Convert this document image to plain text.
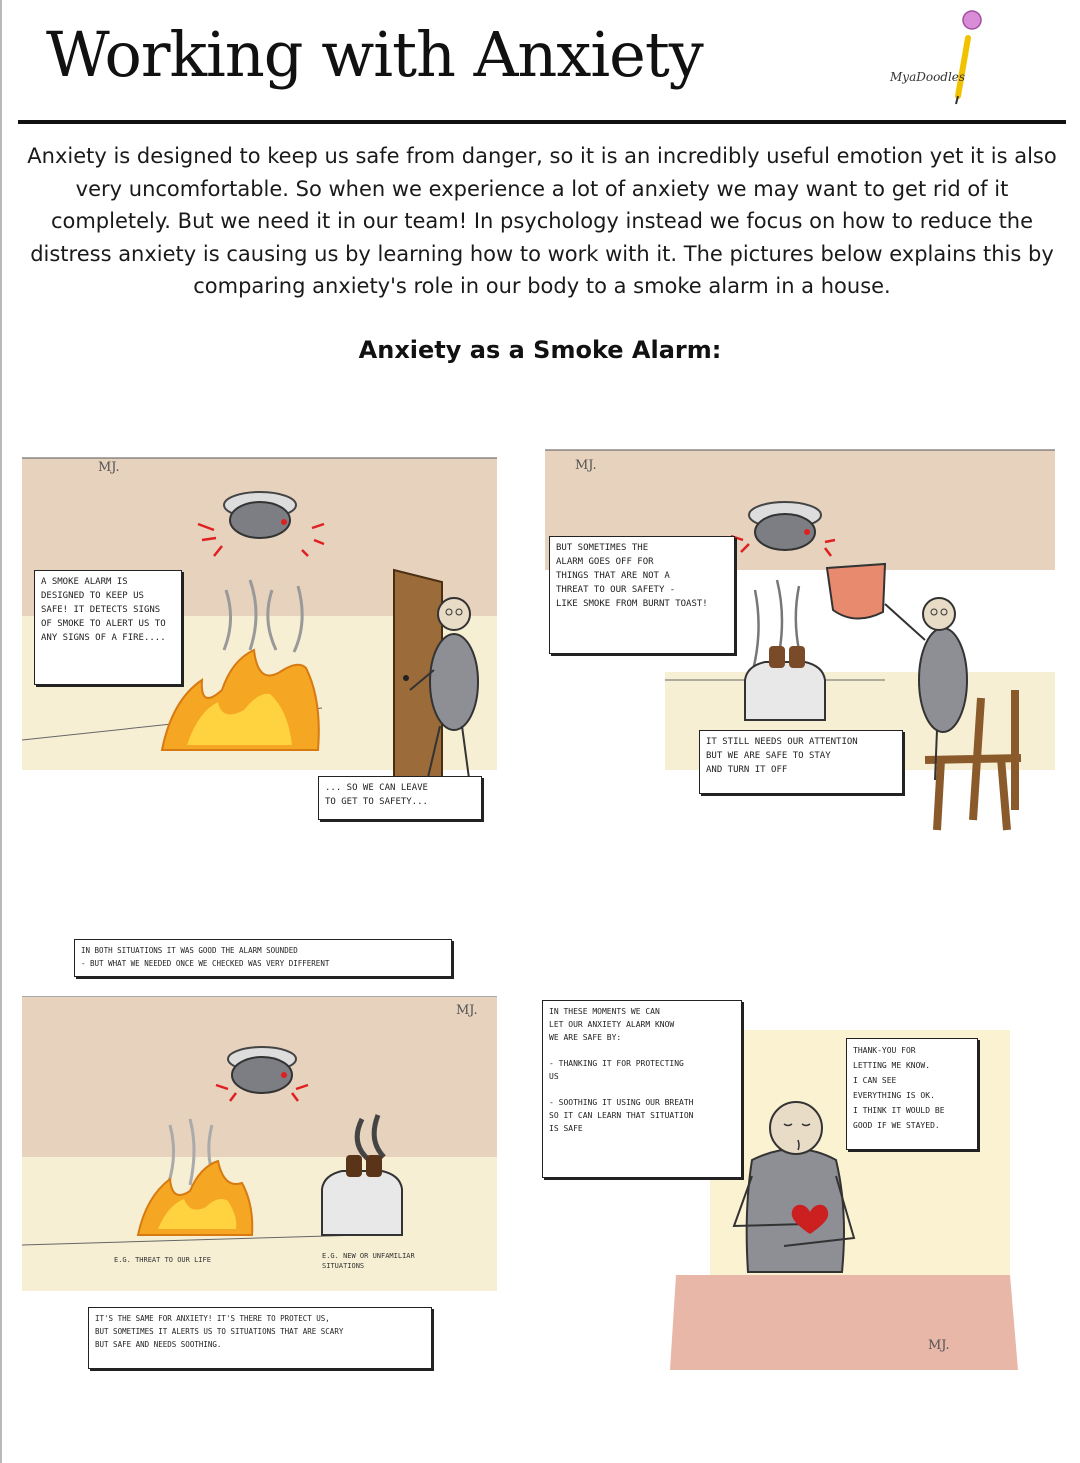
Working with Anxiety	MyaDoodles

Anxiety is designed to keep us safe from danger, so it is an incredibly useful emotion yet it is also very uncomfortable. So when we experience a lot of anxiety we may want to get rid of it completely. But we need it in our team! In psychology instead we focus on how to reduce the distress anxiety is causing us by learning how to work with it. The pictures below explains this by comparing anxiety's role in our body to a smoke alarm in a house.

Anxiety as a Smoke Alarm:
MJ.
A SMOKE ALARM IS
DESIGNED TO KEEP US
SAFE! IT DETECTS SIGNS
OF SMOKE TO ALERT US TO
ANY SIGNS OF A FIRE....
... SO WE CAN LEAVE
TO GET TO SAFETY...
MJ.
BUT SOMETIMES THE
ALARM GOES OFF FOR
THINGS THAT ARE NOT A
THREAT TO OUR SAFETY -
LIKE SMOKE FROM BURNT TOAST!
IT STILL NEEDS OUR ATTENTION
BUT WE ARE SAFE TO STAY
AND TURN IT OFF
IN BOTH SITUATIONS IT WAS GOOD THE ALARM SOUNDED
- BUT WHAT WE NEEDED ONCE WE CHECKED WAS VERY DIFFERENT
MJ.
E.G. THREAT TO OUR LIFE	E.G. NEW OR UNFAMILIAR
SITUATIONS
IT'S THE SAME FOR ANXIETY! IT'S THERE TO PROTECT US,
BUT SOMETIMES IT ALERTS US TO SITUATIONS THAT ARE SCARY
BUT SAFE AND NEEDS SOOTHING.
IN THESE MOMENTS WE CAN
LET OUR ANXIETY ALARM KNOW
WE ARE SAFE BY:

- THANKING IT FOR PROTECTING
US

- SOOTHING IT USING OUR BREATH
SO IT CAN LEARN THAT SITUATION
IS SAFE
THANK-YOU FOR
LETTING ME KNOW.
I CAN SEE
EVERYTHING IS OK.
I THINK IT WOULD BE
GOOD IF WE STAYED.
MJ.
